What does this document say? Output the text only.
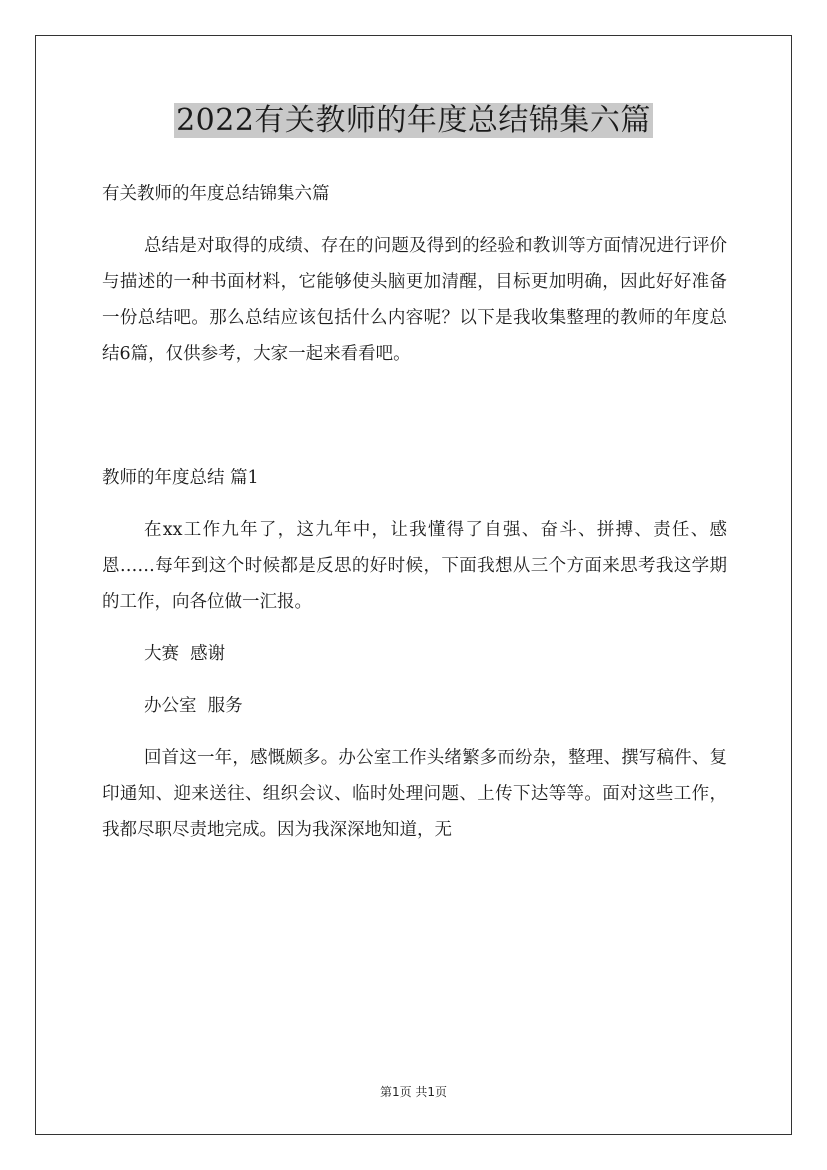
2022有关教师的年度总结锦集六篇

有关教师的年度总结锦集六篇

总结是对取得的成绩、存在的问题及得到的经验和教训等方面情况进行评价与描述的一种书面材料，它能够使头脑更加清醒，目标更加明确，因此好好准备一份总结吧。那么总结应该包括什么内容呢？以下是我收集整理的教师的年度总结6篇，仅供参考，大家一起来看看吧。

教师的年度总结 篇1

在xx工作九年了，这九年中，让我懂得了自强、奋斗、拼搏、责任、感恩……每年到这个时候都是反思的好时候，下面我想从三个方面来思考我这学期的工作，向各位做一汇报。

大赛  感谢

办公室  服务

回首这一年，感慨颇多。办公室工作头绪繁多而纷杂，整理、撰写稿件、复印通知、迎来送往、组织会议、临时处理问题、上传下达等等。面对这些工作，我都尽职尽责地完成。因为我深深地知道，无

第1页 共1页
